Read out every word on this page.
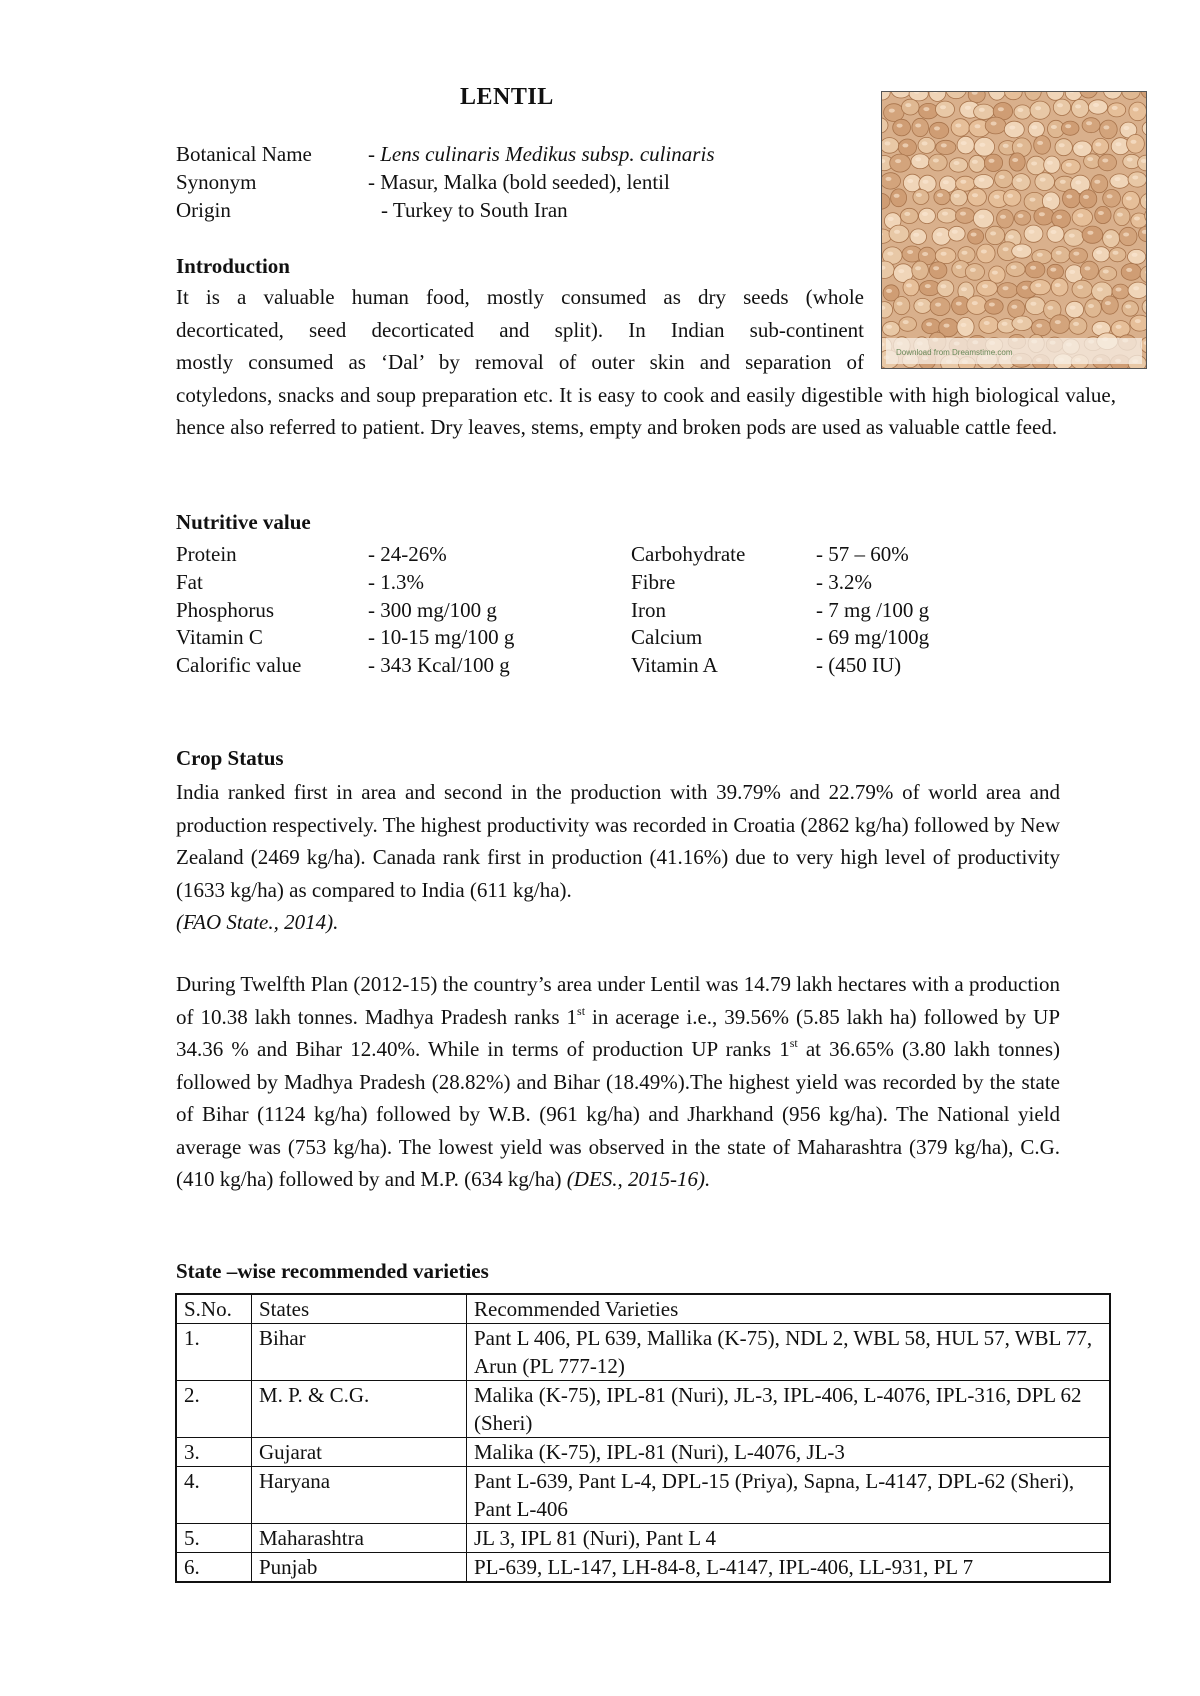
LENTIL
Download from Dreamstime.com
Botanical Name	- Lens culinaris Medikus subsp. culinaris
Synonym	- Masur, Malka (bold seeded), lentil
Origin	- Turkey to South Iran
Introduction
It is a valuable human food, mostly consumed as dry seeds (whole
decorticated, seed decorticated and split). In Indian sub-continent
mostly consumed as ‘Dal’ by removal of outer skin and separation of
cotyledons, snacks and soup preparation etc. It is easy to cook and easily digestible with high biological value, hence also referred to patient. Dry leaves, stems, empty and broken pods are used as valuable cattle feed.
Nutritive value
Protein	- 24-26%	Carbohydrate	- 57 – 60%
Fat	- 1.3%	Fibre	- 3.2%
Phosphorus	- 300 mg/100 g	Iron	- 7 mg /100 g
Vitamin C	- 10-15 mg/100 g	Calcium	- 69 mg/100g
Calorific value	- 343 Kcal/100 g	Vitamin A	- (450 IU)
Crop Status
India ranked first in area and second in the production with 39.79% and 22.79% of world area and production respectively. The highest productivity was recorded in Croatia (2862 kg/ha) followed by New Zealand (2469 kg/ha). Canada rank first in production (41.16%) due to very high level of productivity (1633 kg/ha) as compared to India (611 kg/ha).
(FAO State., 2014).
During Twelfth Plan (2012-15) the country’s area under Lentil was 14.79 lakh hectares with a production of 10.38 lakh tonnes. Madhya Pradesh ranks 1st in acerage i.e., 39.56% (5.85 lakh ha) followed by UP 34.36 % and Bihar 12.40%. While in terms of production UP ranks 1st at 36.65% (3.80 lakh tonnes) followed by Madhya Pradesh (28.82%) and Bihar (18.49%).The highest yield was recorded by the state of Bihar (1124 kg/ha) followed by W.B. (961 kg/ha) and Jharkhand (956 kg/ha). The National yield average was (753 kg/ha). The lowest yield was observed in the state of Maharashtra (379 kg/ha), C.G. (410 kg/ha) followed by and M.P. (634 kg/ha) (DES., 2015-16).
State –wise recommended varieties
S.No.	States	Recommended Varieties
1.	Bihar	Pant L 406, PL 639, Mallika (K-75), NDL 2, WBL 58, HUL 57, WBL 77, Arun (PL 777-12)
2.	M. P. & C.G.	Malika (K-75), IPL-81 (Nuri), JL-3, IPL-406, L-4076, IPL-316, DPL 62 (Sheri)
3.	Gujarat	Malika (K-75), IPL-81 (Nuri), L-4076, JL-3
4.	Haryana	Pant L-639, Pant L-4, DPL-15 (Priya), Sapna, L-4147, DPL-62 (Sheri), Pant L-406
5.	Maharashtra	JL 3, IPL 81 (Nuri), Pant L 4
6.	Punjab	PL-639, LL-147, LH-84-8, L-4147, IPL-406, LL-931, PL 7
